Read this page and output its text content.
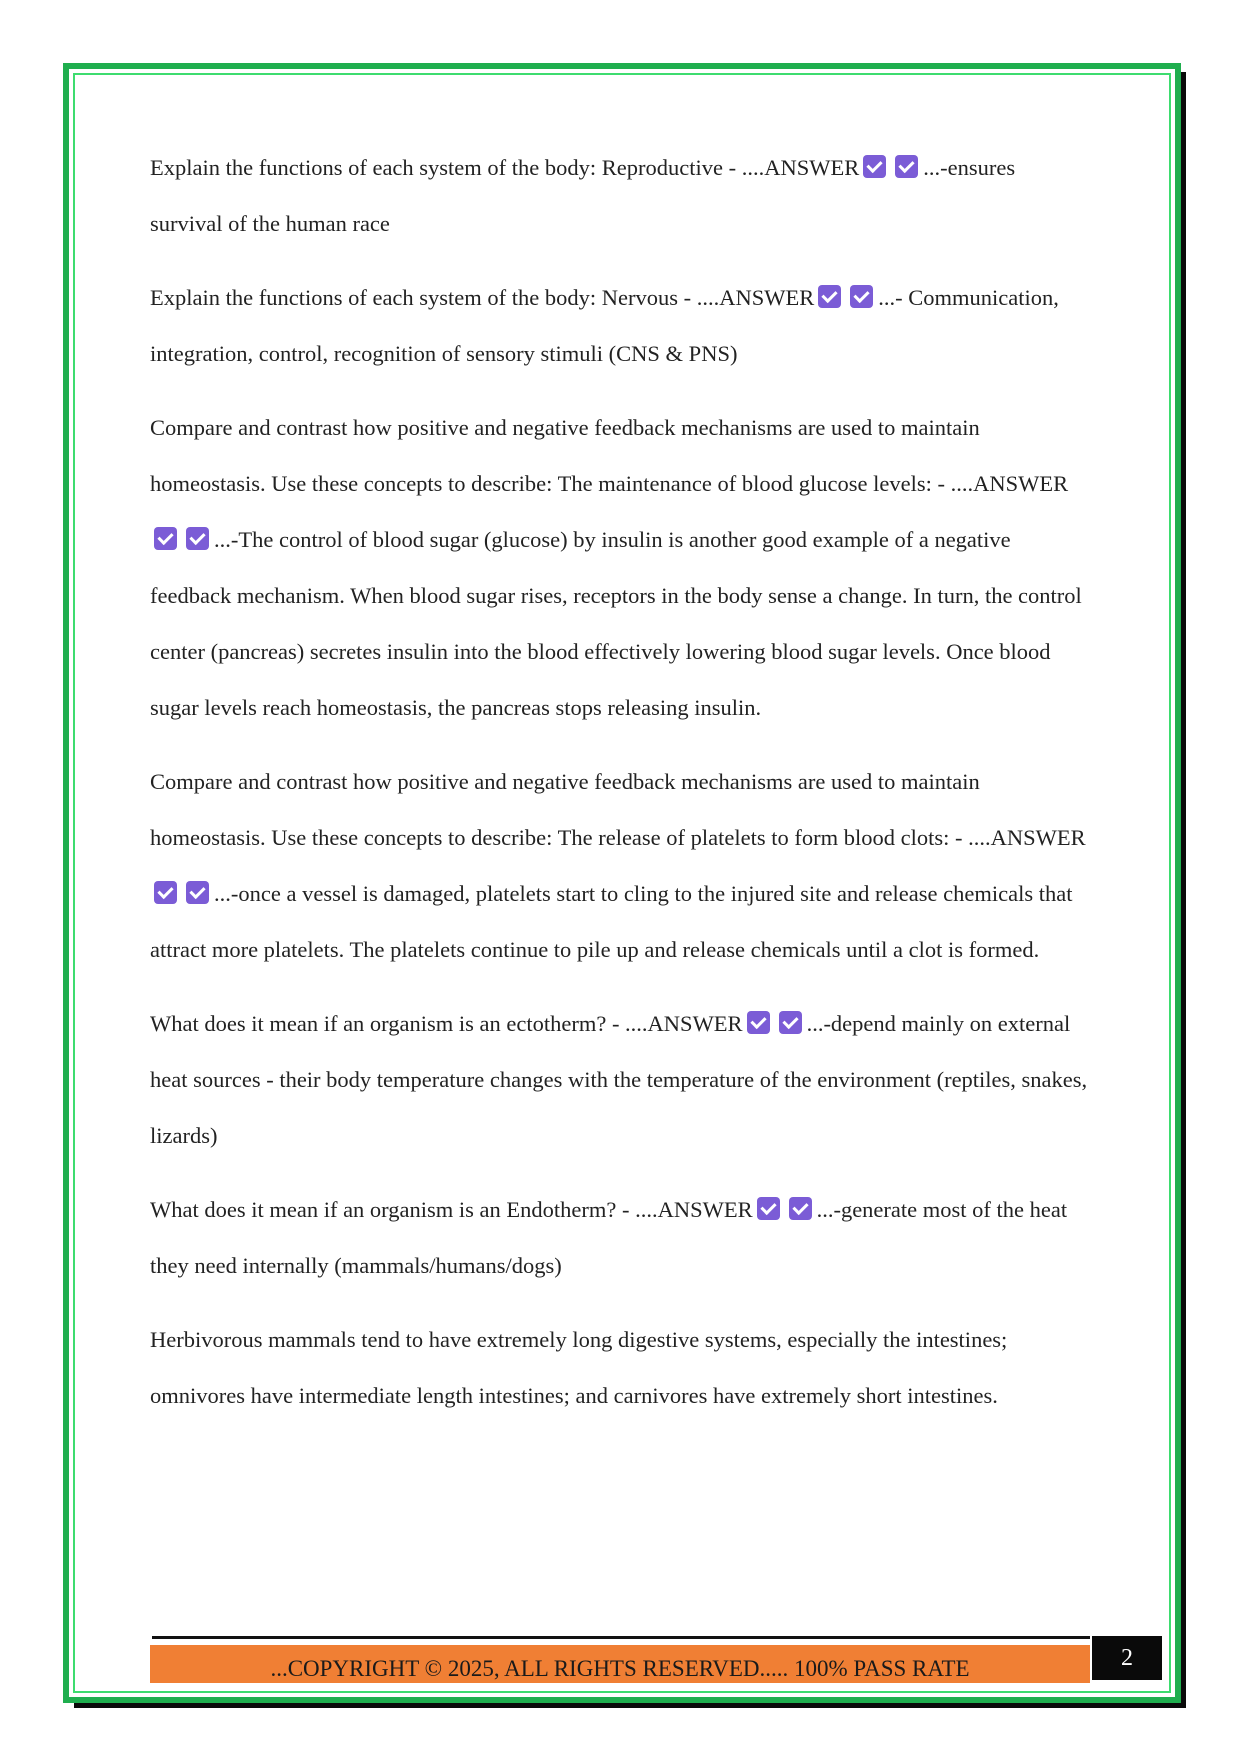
Explain the functions of each system of the body: Reproductive - ....ANSWER	...-ensures survival of the human race

Explain the functions of each system of the body: Nervous - ....ANSWER	...- Communication, integration, control, recognition of sensory stimuli (CNS & PNS)

Compare and contrast how positive and negative feedback mechanisms are used to maintain homeostasis. Use these concepts to describe: The maintenance of blood glucose levels: - ....ANSWER...-The control of blood sugar (glucose) by insulin is another good example of a negative feedback mechanism. When blood sugar rises, receptors in the body sense a change. In turn, the control center (pancreas) secretes insulin into the blood effectively lowering blood sugar levels. Once blood sugar levels reach homeostasis, the pancreas stops releasing insulin.

Compare and contrast how positive and negative feedback mechanisms are used to maintain homeostasis. Use these concepts to describe: The release of platelets to form blood clots: - ....ANSWER...-once a vessel is damaged, platelets start to cling to the injured site and release chemicals that attract more platelets. The platelets continue to pile up and release chemicals until a clot is formed.

What does it mean if an organism is an ectotherm? - ....ANSWER	...-depend mainly on external heat sources - their body temperature changes with the temperature of the environment (reptiles, snakes, lizards)

What does it mean if an organism is an Endotherm? - ....ANSWER	...-generate most of the heat they need internally (mammals/humans/dogs)

Herbivorous mammals tend to have extremely long digestive systems, especially the intestines; omnivores have intermediate length intestines; and carnivores have extremely short intestines.

...COPYRIGHT © 2025, ALL RIGHTS RESERVED..... 100% PASS RATE	2
